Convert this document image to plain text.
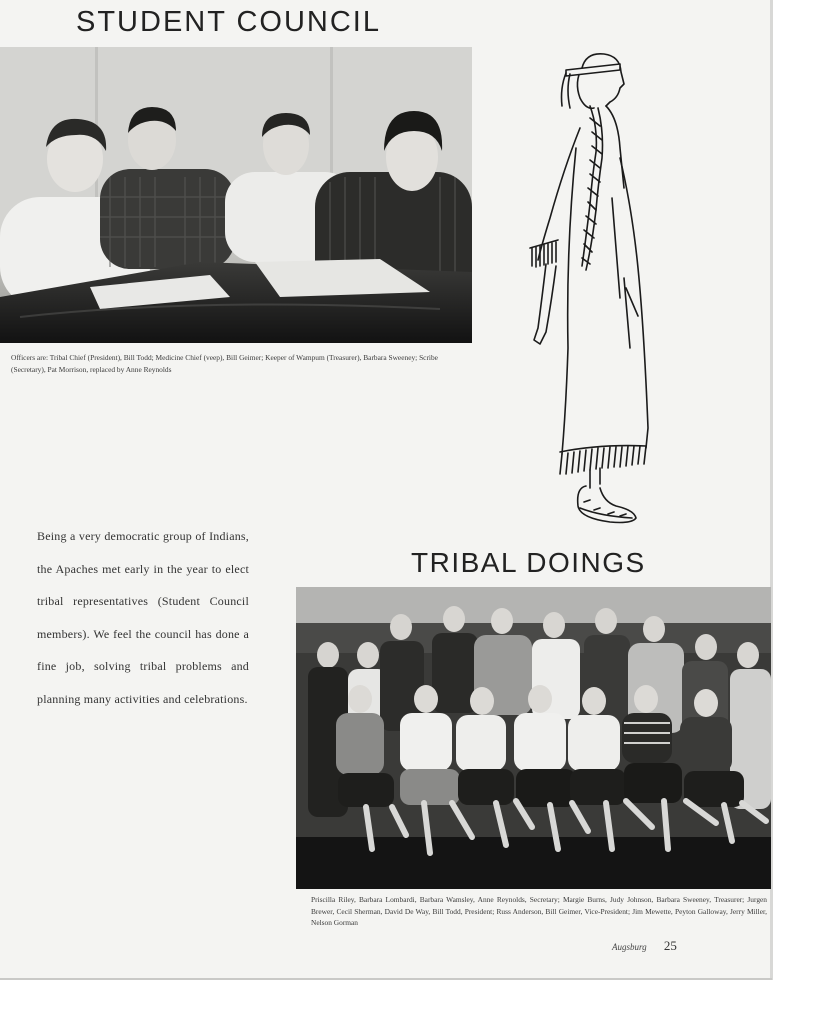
STUDENT COUNCIL
Officers are: Tribal Chief (President), Bill Todd; Medicine Chief (veep), Bill Geimer; Keeper of Wampum (Treasurer), Barbara Sweeney; Scribe (Secretary), Pat Morrison, replaced by Anne Reynolds
Being a very democratic group of Indians, the Apaches met early in the year to elect tribal representatives (Student Council members). We feel the council has done a fine job, solving tribal problems and planning many activities and celebrations.
TRIBAL DOINGS
Priscilla Riley, Barbara Lombardi, Barbara Wamsley, Anne Reynolds, Secretary; Margie Burns, Judy Johnson, Barbara Sweeney, Treasurer; Jurgen Brewer, Cecil Sherman, David De Way, Bill Todd, President; Russ Anderson, Bill Geimer, Vice-President; Jim Mewette, Peyton Galloway, Jerry Miller, Nelson Gorman
Augsburg 25
